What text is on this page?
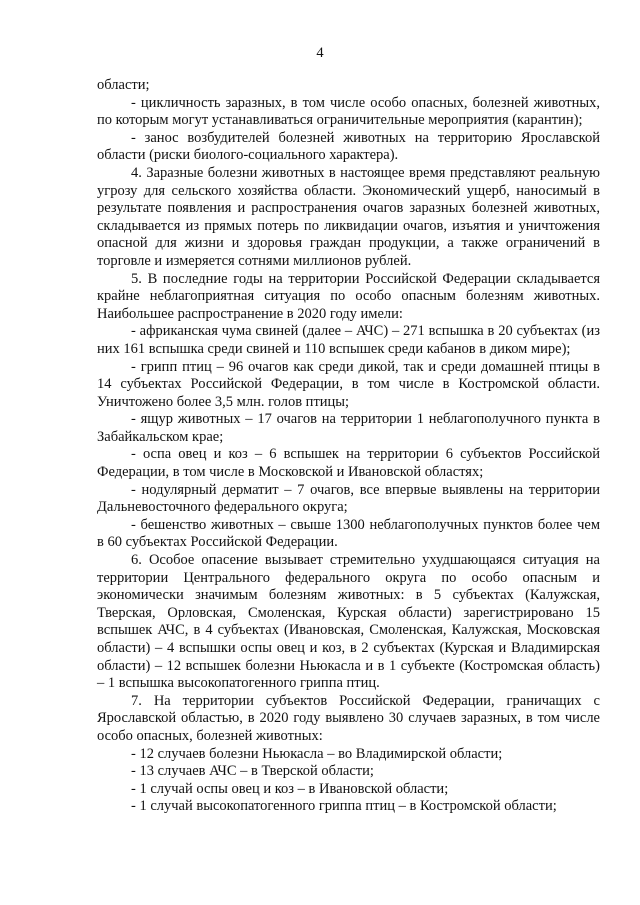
4

области;

- цикличность заразных, в том числе особо опасных, болезней животных, по которым могут устанавливаться ограничительные мероприятия (карантин);

- занос возбудителей болезней животных на территорию Ярославской области (риски биолого-социального характера).

4. Заразные болезни животных в настоящее время представляют реальную угрозу для сельского хозяйства области. Экономический ущерб, наносимый в результате появления и распространения очагов заразных болезней животных, складывается из прямых потерь по ликвидации очагов, изъятия и уничтожения опасной для жизни и здоровья граждан продукции, а также ограничений в торговле и измеряется сотнями миллионов рублей.

5. В последние годы на территории Российской Федерации складывается крайне неблагоприятная ситуация по особо опасным болезням животных. Наибольшее распространение в 2020 году имели:

- африканская чума свиней (далее – АЧС) – 271 вспышка в 20 субъектах (из них 161 вспышка среди свиней и 110 вспышек среди кабанов в диком мире);

- грипп птиц – 96 очагов как среди дикой, так и среди домашней птицы в 14 субъектах Российской Федерации, в том числе в Костромской области. Уничтожено более 3,5 млн. голов птицы;

- ящур животных – 17 очагов на территории 1 неблагополучного пункта в Забайкальском крае;

- оспа овец и коз – 6 вспышек на территории 6 субъектов Российской Федерации, в том числе в Московской и Ивановской областях;

- нодулярный дерматит – 7 очагов, все впервые выявлены на территории Дальневосточного федерального округа;

- бешенство животных – свыше 1300 неблагополучных пунктов более чем в 60 субъектах Российской Федерации.

6. Особое опасение вызывает стремительно ухудшающаяся ситуация на территории Центрального федерального округа по особо опасным и экономически значимым болезням животных: в 5 субъектах (Калужская, Тверская, Орловская, Смоленская, Курская области) зарегистрировано 15 вспышек АЧС, в 4 субъектах (Ивановская, Смоленская, Калужская, Московская области) – 4 вспышки оспы овец и коз, в 2 субъектах (Курская и Владимирская области) – 12 вспышек болезни Ньюкасла и в 1 субъекте (Костромская область) – 1 вспышка высокопатогенного гриппа птиц.

7. На территории субъектов Российской Федерации, граничащих с Ярославской областью, в 2020 году выявлено 30 случаев заразных, в том числе особо опасных, болезней животных:

- 12 случаев болезни Ньюкасла – во Владимирской области;

- 13 случаев АЧС – в Тверской области;

- 1 случай оспы овец и коз – в Ивановской области;

- 1 случай высокопатогенного гриппа птиц – в Костромской области;
